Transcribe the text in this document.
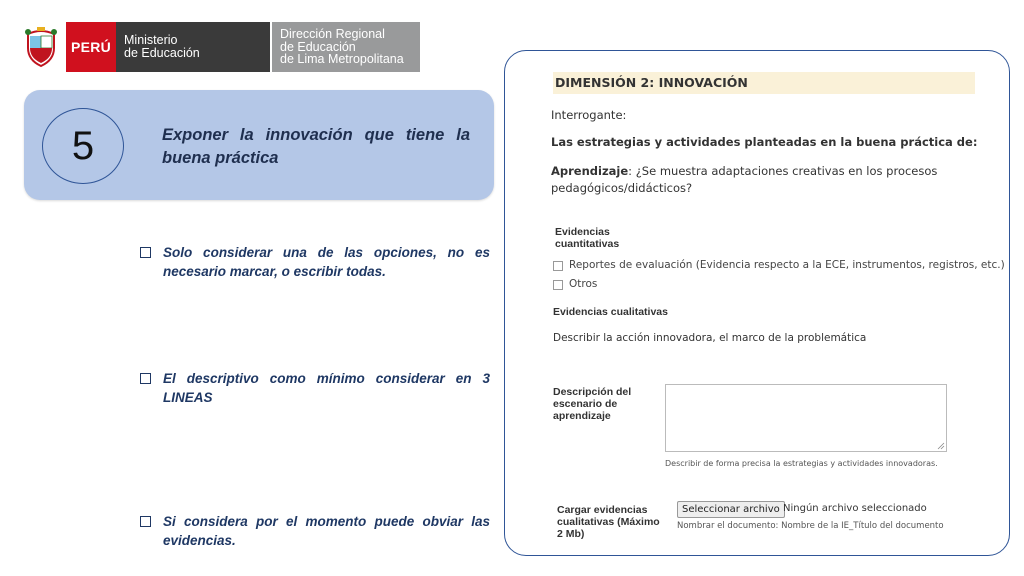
PERÚ	Ministerio
de Educación
Dirección Regional
de Educación
de Lima Metropolitana
5	Exponer la innovación que tiene la buena práctica
Solo considerar una de las opciones, no es necesario marcar, o escribir todas.
El descriptivo como mínimo considerar en 3 LINEAS
Si considera por el momento puede obviar las evidencias.
DIMENSIÓN 2: INNOVACIÓN
Interrogante:
Las estrategias y actividades planteadas en la buena práctica de:
Aprendizaje: ¿Se muestra adaptaciones creativas en los procesos
pedagógicos/didácticos?
Evidencias
cuantitativas
Reportes de evaluación (Evidencia respecto a la ECE, instrumentos, registros, etc.)
Otros
Evidencias cualitativas
Describir la acción innovadora, el marco de la problemática
Descripción del
escenario de
aprendizaje
Describir de forma precisa la estrategias y actividades innovadoras.
Cargar evidencias
cualitativas (Máximo
2 Mb)
Seleccionar archivo Ningún archivo seleccionado
Nombrar el documento: Nombre de la IE_Título del documento
